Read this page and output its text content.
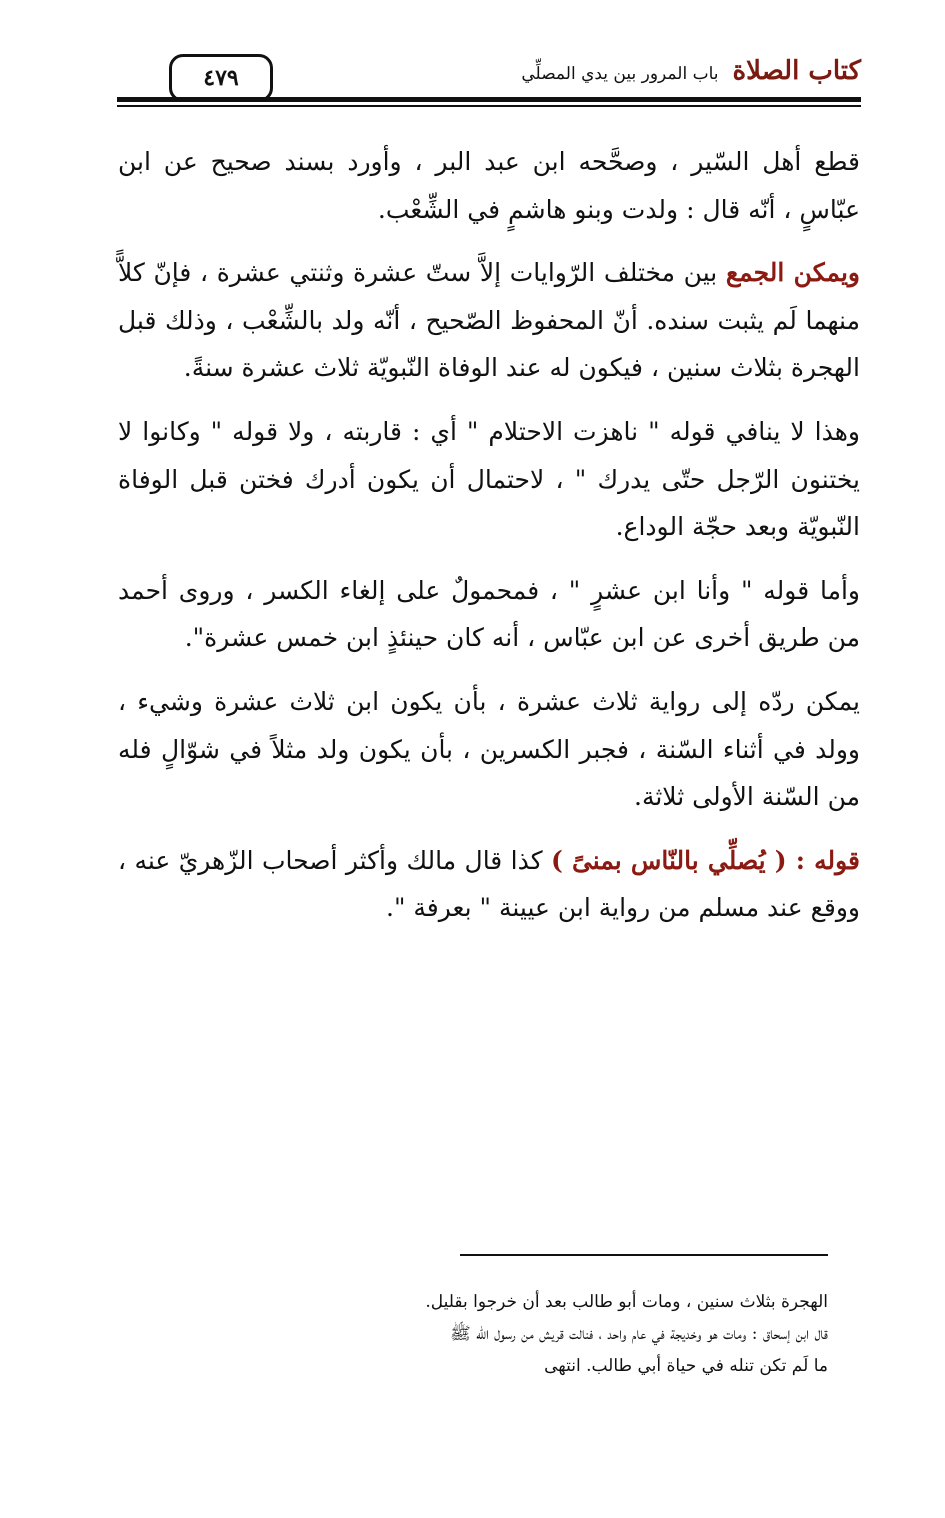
٤٧٩	كتاب الصلاة
باب المرور بين يدي المصلِّي

قطع أهل السّير ، وصحَّحه ابن عبد البر ، وأورد بسند صحيح عن ابن عبّاسٍ ، أنّه قال : ولدت وبنو هاشمٍ في الشِّعْب.

ويمكن الجمع بين مختلف الرّوايات إلاَّ ستّ عشرة وثنتي عشرة ، فإنّ كلاًّ منهما لَم يثبت سنده. أنّ المحفوظ الصّحيح ، أنّه ولد بالشِّعْب ، وذلك قبل الهجرة بثلاث سنين ، فيكون له عند الوفاة النّبويّة ثلاث عشرة سنةً.

وهذا لا ينافي قوله " ناهزت الاحتلام " أي : قاربته ، ولا قوله " وكانوا لا يختنون الرّجل حتّى يدرك " ، لاحتمال أن يكون أدرك فختن قبل الوفاة النّبويّة وبعد حجّة الوداع.

وأما قوله " وأنا ابن عشرٍ " ، فمحمولٌ على إلغاء الكسر ، وروى أحمد من طريق أخرى عن ابن عبّاس ، أنه كان حينئذٍ ابن خمس عشرة".

يمكن ردّه إلى رواية ثلاث عشرة ، بأن يكون ابن ثلاث عشرة وشيء ، وولد في أثناء السّنة ، فجبر الكسرين ، بأن يكون ولد مثلاً في شوّالٍ فله من السّنة الأولى ثلاثة.

قوله : ( يُصلِّي بالنّاس بمنىً ) كذا قال مالك وأكثر أصحاب الزّهريّ عنه ، ووقع عند مسلم من رواية ابن عيينة " بعرفة ".

الهجرة بثلاث سنين ، ومات أبو طالب بعد أن خرجوا بقليل.

قال ابن إسحاق : ومات هو وخديجة في عام واحد ، فنالت قريش من رسول الله ﷺ

ما لَم تكن تنله في حياة أبي طالب. انتهى
